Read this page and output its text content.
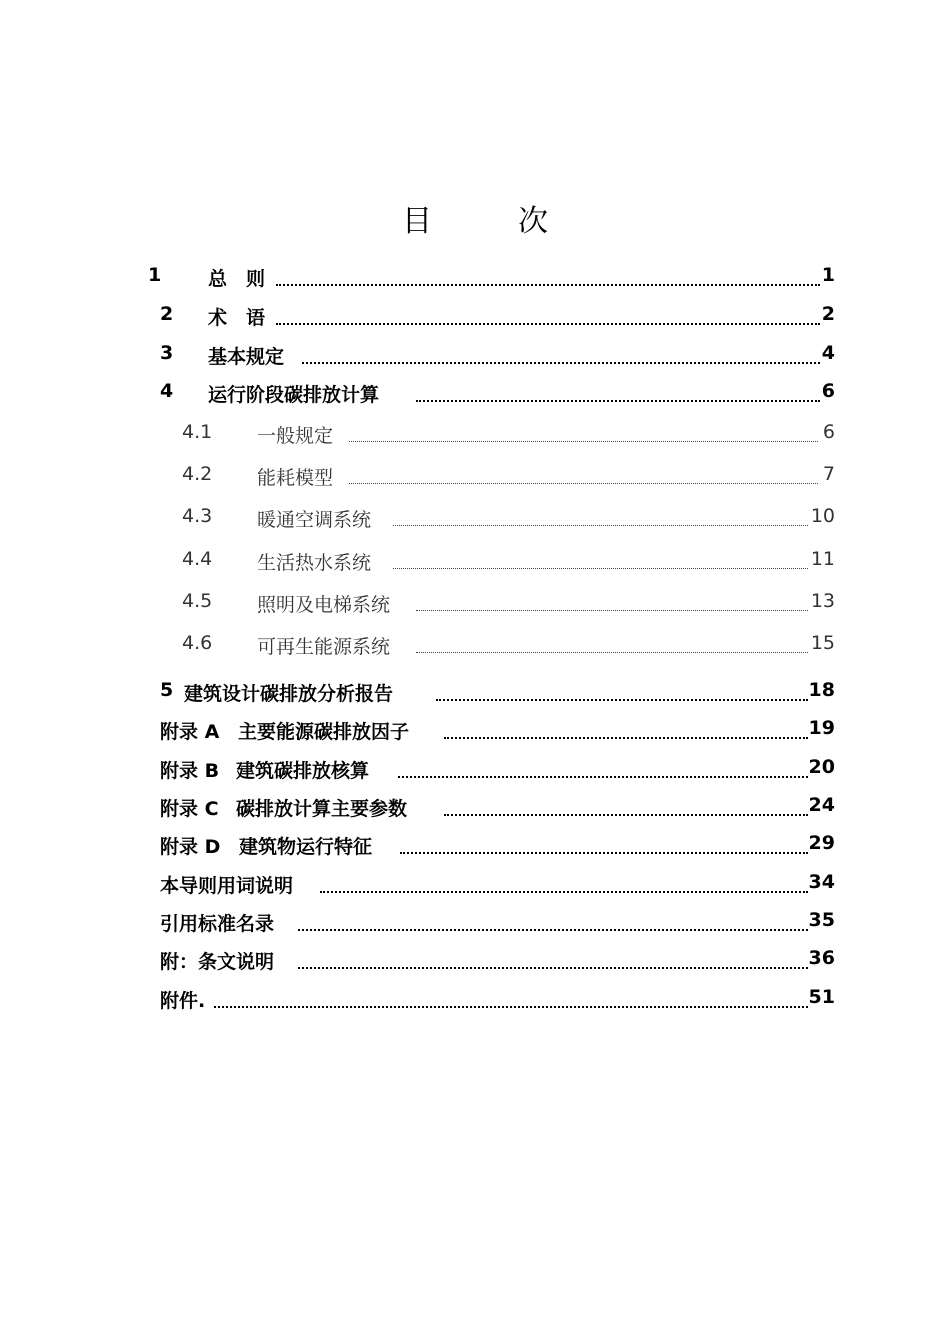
目　次
1 总　则	1
2 术　语	2
3 基本规定	4
4 运行阶段碳排放计算	6
4.1 一般规定	6
4.2 能耗模型	7
4.3 暖通空调系统	10
4.4 生活热水系统	11
4.5 照明及电梯系统	13
4.6 可再生能源系统	15
5 建筑设计碳排放分析报告	18
附录 A 主要能源碳排放因子	19
附录 B 建筑碳排放核算	20
附录 C 碳排放计算主要参数	24
附录 D 建筑物运行特征	29
本导则用词说明	34
引用标准名录	35
附：条文说明	36
附件.	51
